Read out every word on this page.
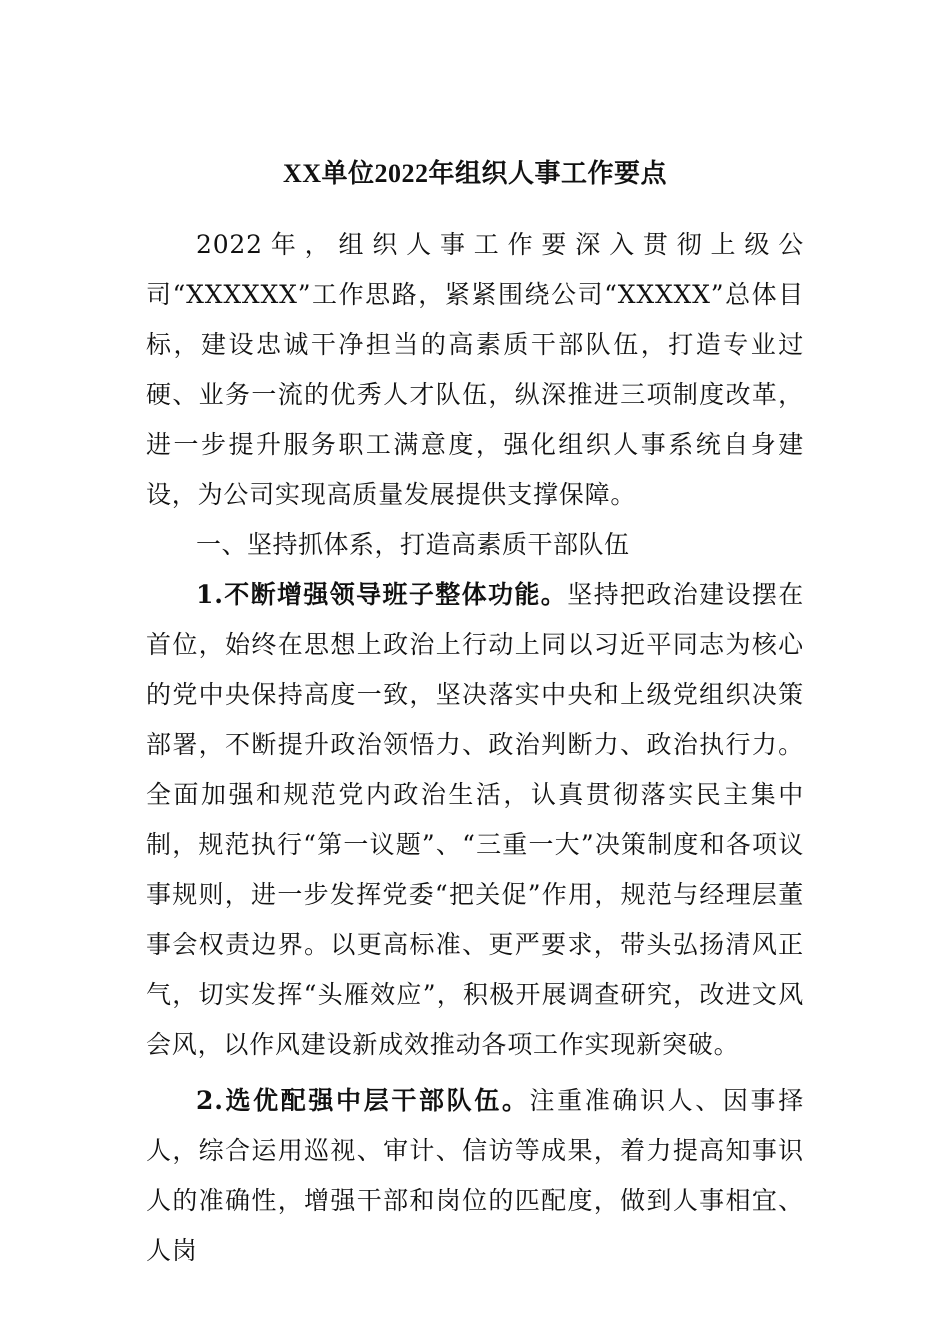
XX单位2022年组织人事工作要点

2022年，组织人事工作要深入贯彻上级公司“XXXXXX”工作思路，紧紧围绕公司“XXXXX”总体目标，建设忠诚干净担当的高素质干部队伍，打造专业过硬、业务一流的优秀人才队伍，纵深推进三项制度改革，进一步提升服务职工满意度，强化组织人事系统自身建设，为公司实现高质量发展提供支撑保障。

一、坚持抓体系，打造高素质干部队伍

1.不断增强领导班子整体功能。坚持把政治建设摆在首位，始终在思想上政治上行动上同以习近平同志为核心的党中央保持高度一致，坚决落实中央和上级党组织决策部署，不断提升政治领悟力、政治判断力、政治执行力。全面加强和规范党内政治生活，认真贯彻落实民主集中制，规范执行“第一议题”、“三重一大”决策制度和各项议事规则，进一步发挥党委“把关促”作用，规范与经理层董事会权责边界。以更高标准、更严要求，带头弘扬清风正气，切实发挥“头雁效应”，积极开展调查研究，改进文风会风，以作风建设新成效推动各项工作实现新突破。

2.选优配强中层干部队伍。注重准确识人、因事择人，综合运用巡视、审计、信访等成果，着力提高知事识人的准确性，增强干部和岗位的匹配度，做到人事相宜、人岗
